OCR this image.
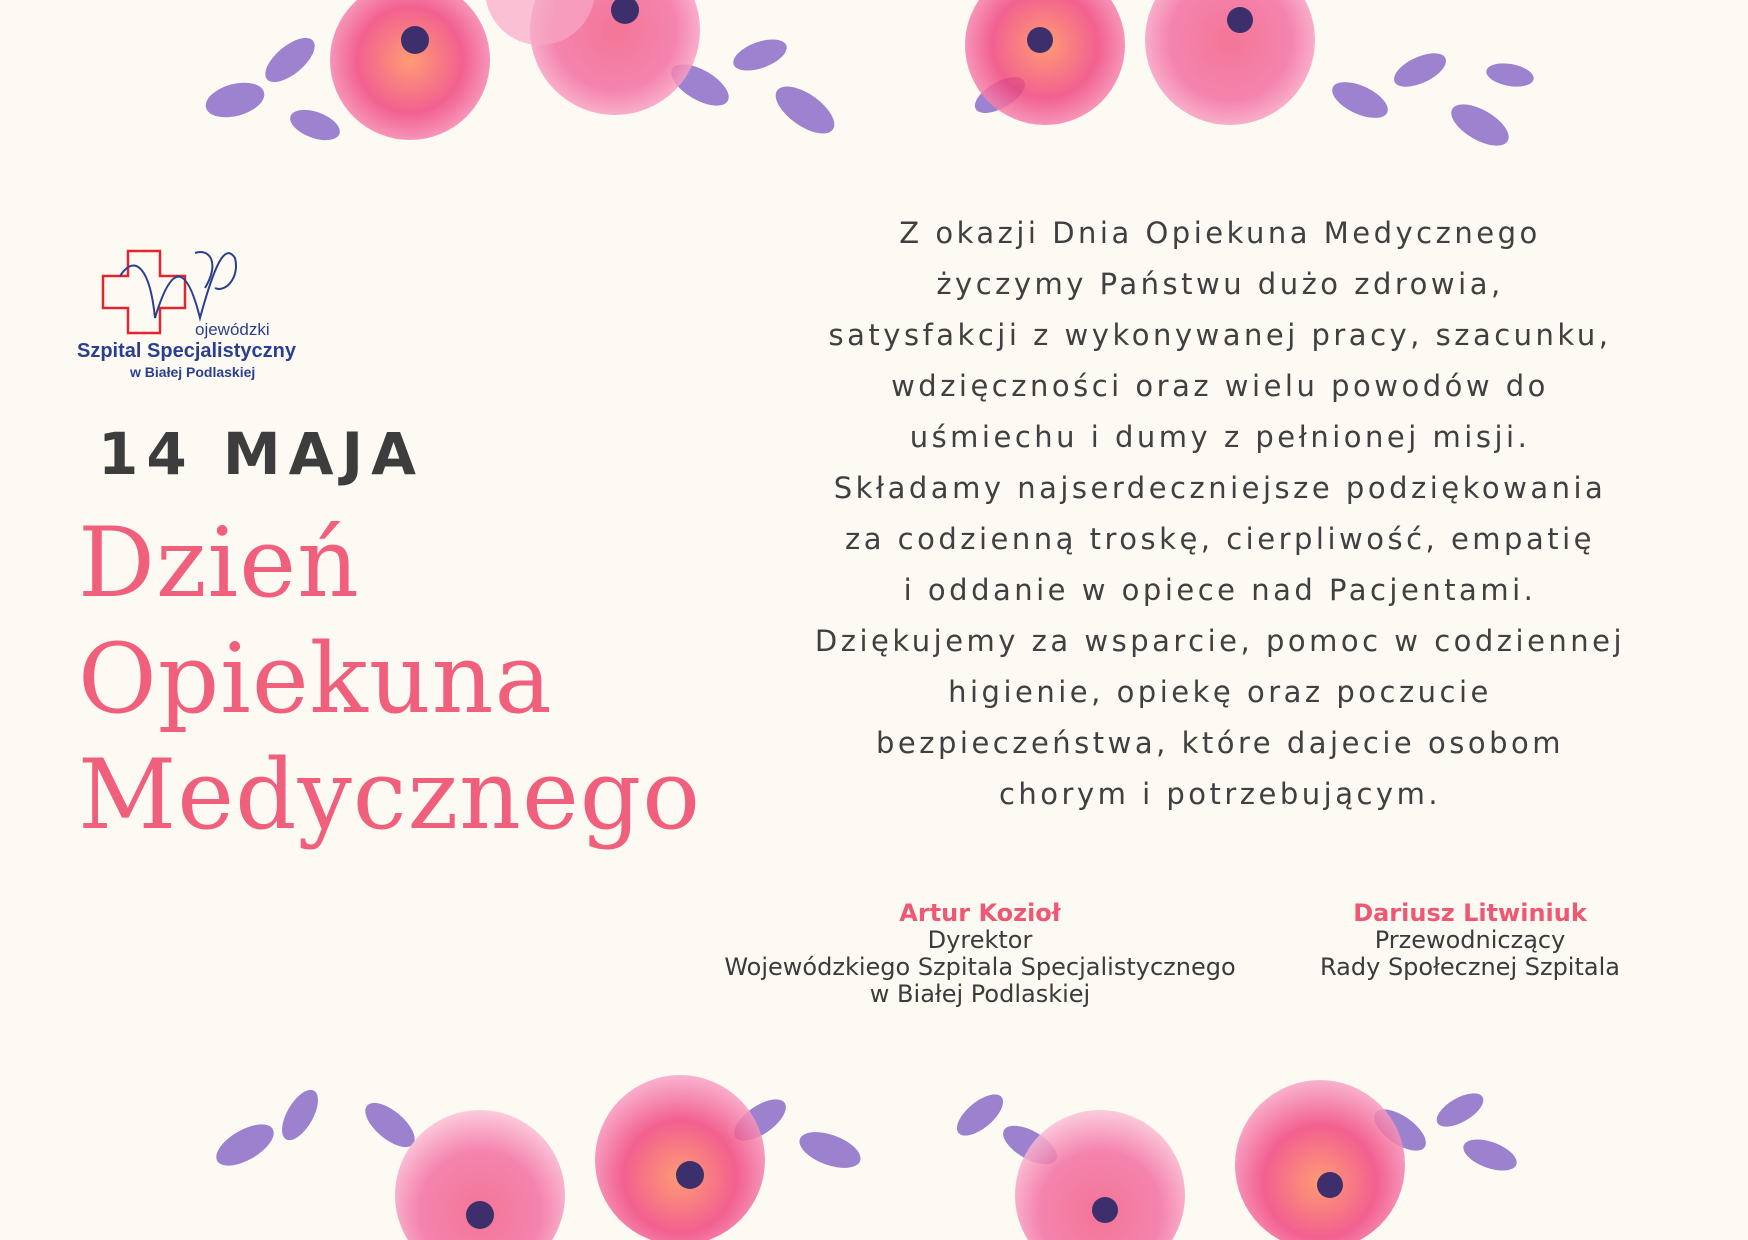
ojewódzki
Szpital Specjalistyczny
w Białej Podlaskiej
14 MAJA
Dzień
Opiekuna
Medycznego
Z okazji Dnia Opiekuna Medycznego
życzymy Państwu dużo zdrowia,
satysfakcji z wykonywanej pracy, szacunku,
wdzięczności oraz wielu powodów do
uśmiechu i dumy z pełnionej misji.
Składamy najserdeczniejsze podziękowania
za codzienną troskę, cierpliwość, empatię
i oddanie w opiece nad Pacjentami.
Dziękujemy za wsparcie, pomoc w codziennej
higienie, opiekę oraz poczucie
bezpieczeństwa, które dajecie osobom
chorym i potrzebującym.
Artur Kozioł
Dyrektor
Wojewódzkiego Szpitala Specjalistycznego
w Białej Podlaskiej
Dariusz Litwiniuk
Przewodniczący
Rady Społecznej Szpitala
